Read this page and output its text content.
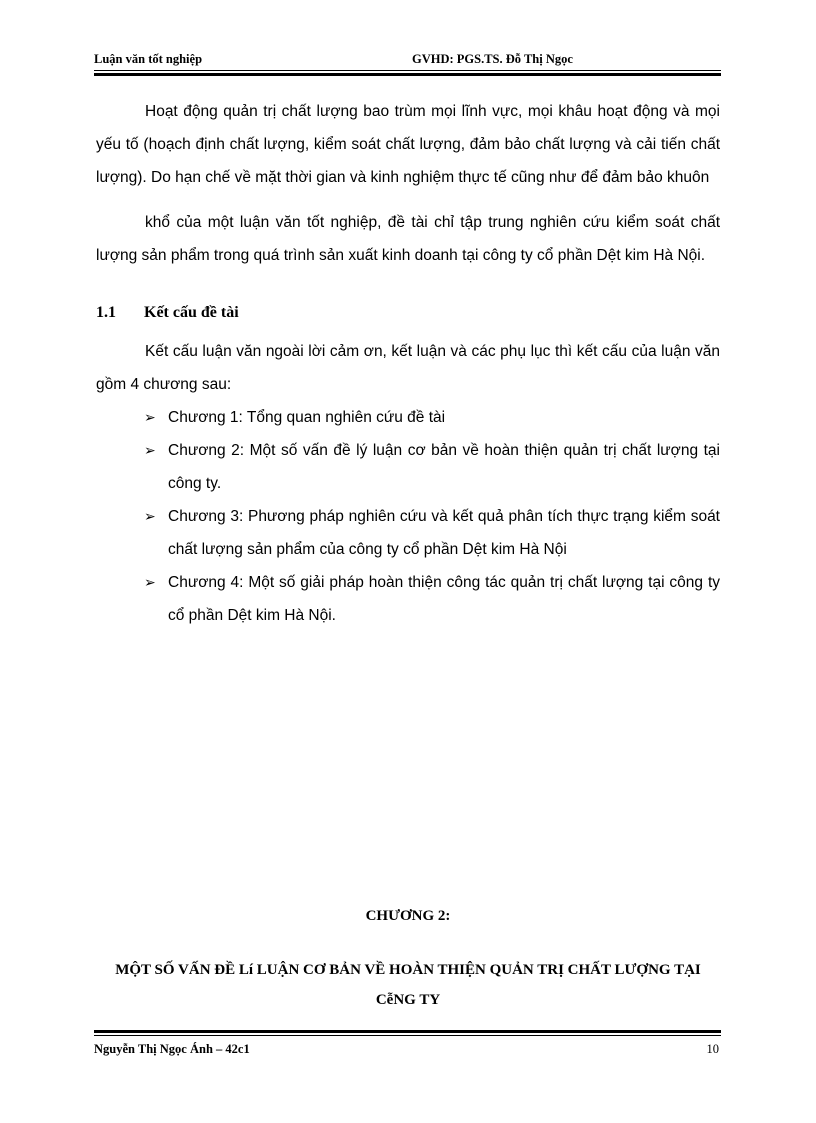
Luận văn tốt nghiệp	GVHD: PGS.TS. Đỗ Thị Ngọc

Hoạt động quản trị chất lượng bao trùm mọi lĩnh vực, mọi khâu hoạt động và mọi yếu tố (hoạch định chất lượng, kiểm soát chất lượng, đảm bảo chất lượng và cải tiến chất lượng). Do hạn chế về mặt thời gian và kinh nghiệm thực tế cũng như để đảm bảo khuôn

khổ của một luận văn tốt nghiệp, đề tài chỉ tập trung nghiên cứu kiểm soát chất lượng sản phẩm trong quá trình sản xuất kinh doanh tại công ty cổ phần Dệt kim Hà Nội.

1.1 Kết cấu đề tài

Kết cấu luận văn ngoài lời cảm ơn, kết luận và các phụ lục thì kết cấu của luận văn gồm 4 chương sau:

➢ Chương 1: Tổng quan nghiên cứu đề tài
➢ Chương 2: Một số vấn đề lý luận cơ bản về hoàn thiện quản trị chất lượng tại công ty.
➢ Chương 3: Phương pháp nghiên cứu và kết quả phân tích thực trạng kiểm soát chất lượng sản phẩm của công ty cổ phần Dệt kim Hà Nội
➢ Chương 4: Một số giải pháp hoàn thiện công tác quản trị chất lượng tại công ty cổ phần Dệt kim Hà Nội.
CHƯƠNG 2:
MỘT SỐ VẤN ĐỀ Lí LUẬN CƠ BẢN VỀ HOÀN THIỆN QUẢN TRỊ CHẤT LƯỢNG TẠI CễNG TY
Nguyễn Thị Ngọc Ánh – 42c1	10
